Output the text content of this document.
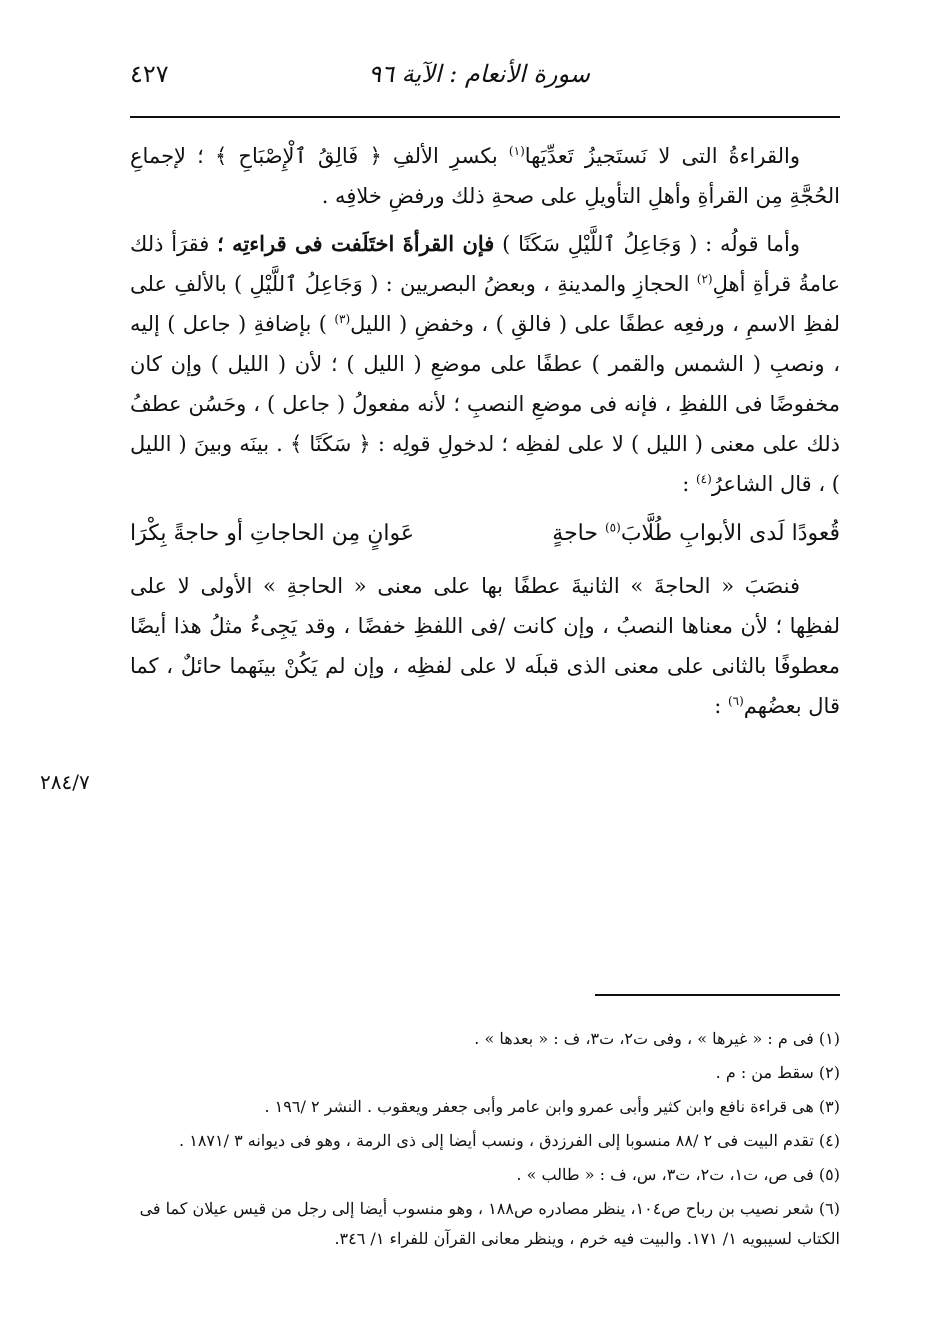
سورة الأنعام : الآية ٩٦
٤٢٧

والقراءةُ التى لا نَستَجيزُ تَعدِّيَها$^{(١)}$ بكسرِ الألفِ ﴿ فَالِقُ ٱلْإِصْبَاحِ ﴾ ؛ لإجماعِ الحُجَّةِ مِن القرأةِ وأهلِ التأويلِ على صحةِ ذلك ورفضِ خلافِه .

وأما قولُه : ( وَجَاعِلُ ٱللَّيْلِ سَكَنًا ) فإن القرأةَ اختَلَفت فى قراءتِه ؛ فقرَأ ذلك عامةُ قرأةِ أهلِ$^{(٢)}$ الحجازِ والمدينةِ ، وبعضُ البصريين : ( وَجَاعِلُ ٱللَّيْلِ ) بالألفِ على لفظِ الاسمِ ، ورفعِه عطفًا على ( فالقِ ) ، وخفضِ ( الليل$^{(٣)}$ ) بإضافةِ ( جاعل ) إليه ، ونصبِ ( الشمس والقمر ) عطفًا على موضعِ ( الليل ) ؛ لأن ( الليل ) وإن كان مخفوضًا فى اللفظِ ، فإنه فى موضعِ النصبِ ؛ لأنه مفعولُ ( جاعل ) ، وحَسُن عطفُ ذلك على معنى ( الليل ) لا على لفظِه ؛ لدخولِ قولِه : ﴿ سَكَنًا ﴾ . بينَه وبينَ ( الليل ) ، قال الشاعرُ$^{(٤)}$ :

قُعودًا لَدى الأبوابِ طُلَّابَ$^{(٥)}$ حاجةٍ
عَوانٍ مِن الحاجاتِ أو حاجةً بِكْرَا

فنصَبَ « الحاجةَ » الثانيةَ عطفًا بها على معنى « الحاجةِ » الأولى لا على لفظِها ؛ لأن معناها النصبُ ، وإن كانت /فى اللفظِ خفضًا ، وقد يَجِىءُ مثلُ هذا أيضًا معطوفًا بالثانى على معنى الذى قبلَه لا على لفظِه ، وإن لم يَكُنْ بينَهما حائلٌ ، كما قال بعضُهم$^{(٦)}$ :

٢٨٤/٧

(١) فى م : « غيرها » ، وفى ت٢، ت٣، ف : « بعدها » .

(٢) سقط من : م .

(٣) هى قراءة نافع وابن كثير وأبى عمرو وابن عامر وأبى جعفر ويعقوب . النشر ٢ /١٩٦ .

(٤) تقدم البيت فى ٢ /٨٨ منسوبا إلى الفرزدق ، ونسب أيضا إلى ذى الرمة ، وهو فى ديوانه ٣ /١٨٧١ .

(٥) فى ص، ت١، ت٢، ت٣، س، ف : « طالب » .

(٦) شعر نصيب بن رباح ص١٠٤، ينظر مصادره ص١٨٨ ، وهو منسوب أيضا إلى رجل من قيس عيلان كما فى الكتاب لسيبويه ١/ ١٧١. والبيت فيه خرم ، وينظر معانى القرآن للفراء ١/ ٣٤٦.
